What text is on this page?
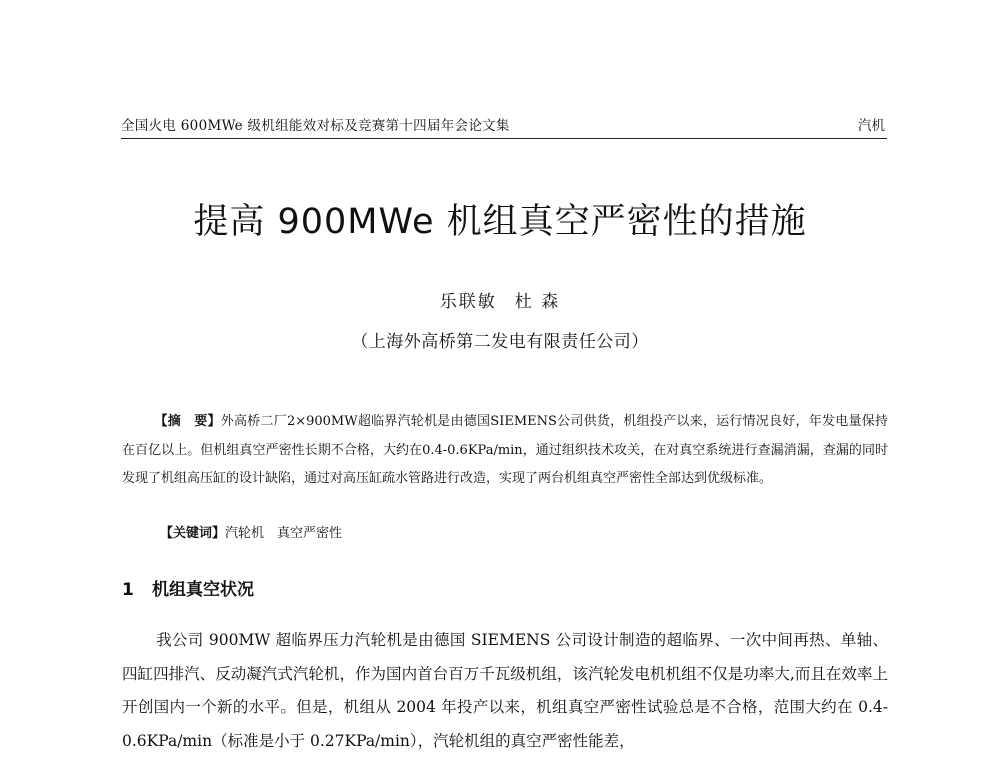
全国火电 600MWe 级机组能效对标及竞赛第十四届年会论文集	汽机
提高 900MWe 机组真空严密性的措施
乐联敏 杜 森
（上海外高桥第二发电有限责任公司）
【摘　要】外高桥二厂2×900MW超临界汽轮机是由德国SIEMENS公司供货，机组投产以来，运行情况良好，年发电量保持在百亿以上。但机组真空严密性长期不合格，大约在0.4-0.6KPa/min，通过组织技术攻关，在对真空系统进行查漏消漏，查漏的同时发现了机组高压缸的设计缺陷，通过对高压缸疏水管路进行改造，实现了两台机组真空严密性全部达到优级标准。
【关键词】汽轮机　真空严密性
1 机组真空状况
我公司 900MW 超临界压力汽轮机是由德国 SIEMENS 公司设计制造的超临界、一次中间再热、单轴、四缸四排汽、反动凝汽式汽轮机，作为国内首台百万千瓦级机组，该汽轮发电机机组不仅是功率大,而且在效率上开创国内一个新的水平。但是，机组从 2004 年投产以来，机组真空严密性试验总是不合格，范围大约在 0.4-0.6KPa/min（标准是小于 0.27KPa/min），汽轮机组的真空严密性能差，
